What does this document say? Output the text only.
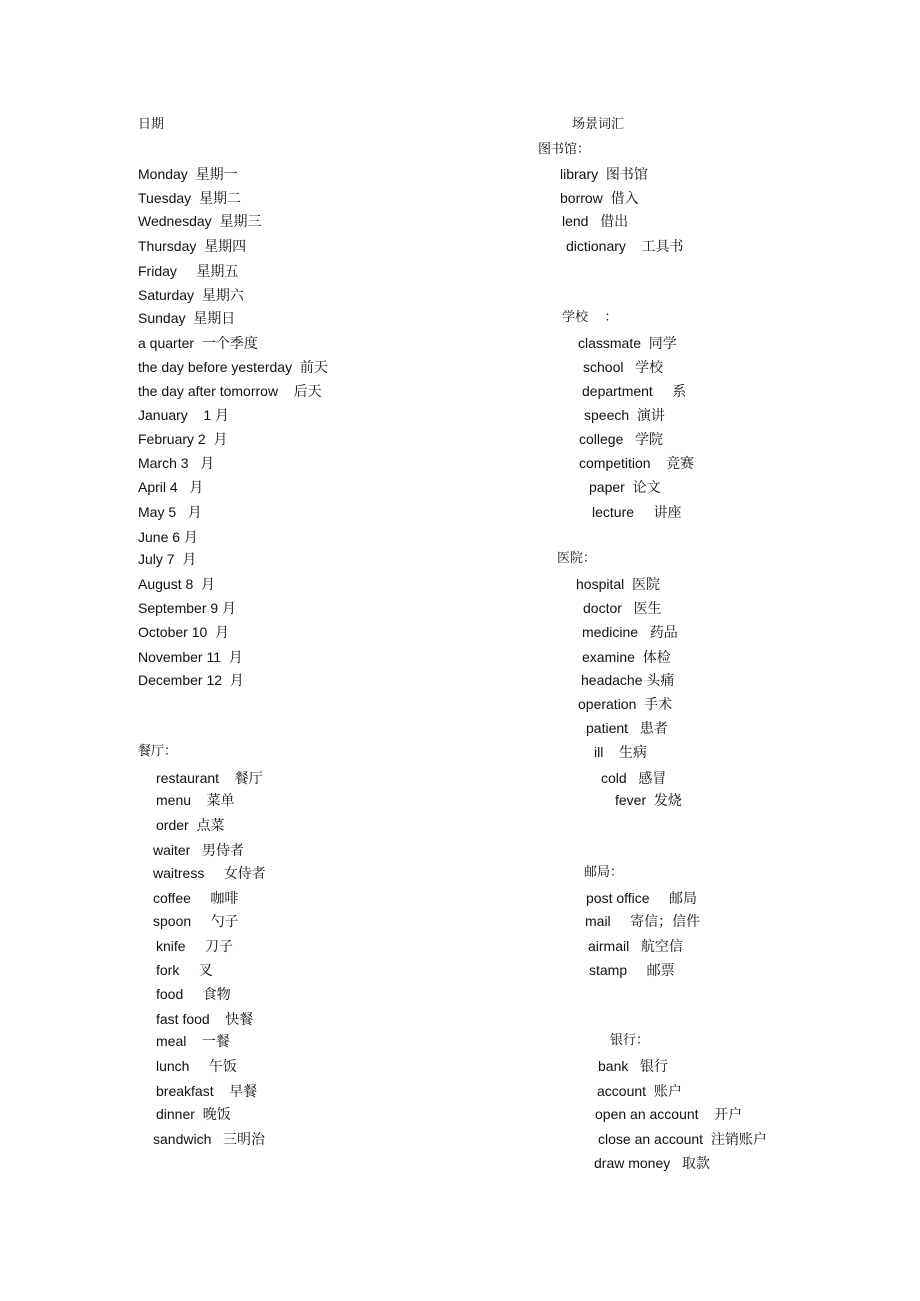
日期
Monday  星期一
Tuesday  星期二
Wednesday  星期三
Thursday  星期四
Friday     星期五
Saturday  星期六
Sunday  星期日
a quarter  一个季度
the day before yesterday  前天
the day after tomorrow    后天
January    1 月
February 2  月
March 3   月
April 4   月
May 5   月
June 6 月
July 7  月
August 8  月
September 9 月
October 10  月
November 11  月
December 12  月
餐厅：
restaurant    餐厅
menu    菜单
order  点菜
waiter   男侍者
waitress     女侍者
coffee     咖啡
spoon     勺子
knife     刀子
fork     叉
food     食物
fast food    快餐
meal    一餐
lunch     午饭
breakfast    早餐
dinner  晚饭
sandwich   三明治
场景词汇
图书馆：
library  图书馆
borrow  借入
lend   借出
dictionary    工具书
学校    ：
classmate  同学
school   学校
department     系
speech  演讲
college   学院
competition    竞赛
paper  论文
lecture     讲座
医院：
hospital  医院
doctor   医生
medicine   药品
examine  体检
headache 头痛
operation  手术
patient   患者
ill    生病
cold   感冒
fever  发烧
邮局：
post office     邮局
mail     寄信；信件
airmail   航空信
stamp     邮票
银行：
bank   银行
account  账户
open an account    开户
close an account  注销账户
draw money   取款
